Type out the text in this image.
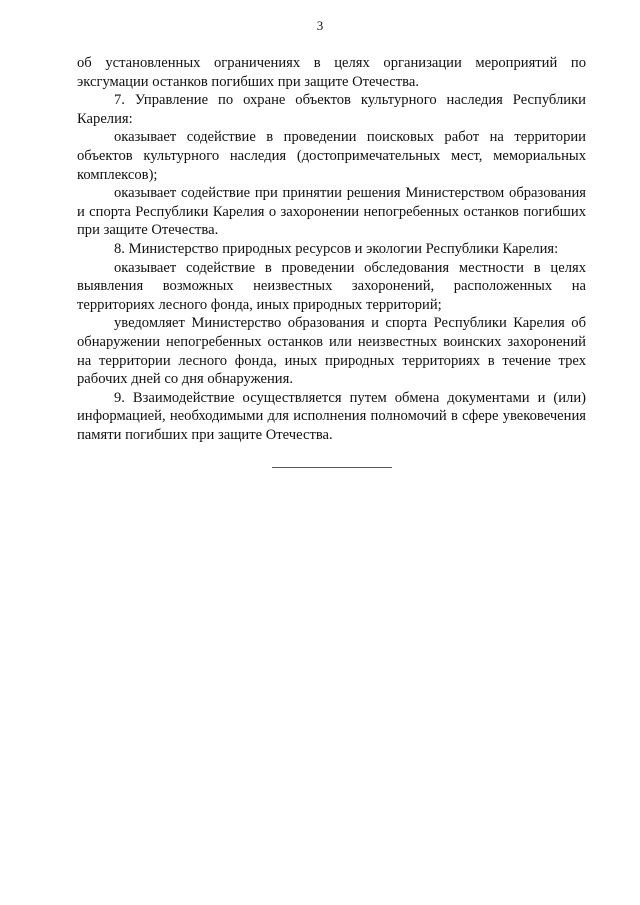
3

об установленных ограничениях в целях организации мероприятий по эксгумации останков погибших при защите Отечества.

7. Управление по охране объектов культурного наследия Республики Карелия:

оказывает содействие в проведении поисковых работ на территории объектов культурного наследия (достопримечательных мест, мемориальных комплексов);

оказывает содействие при принятии решения Министерством образования и спорта Республики Карелия о захоронении непогребенных останков погибших при защите Отечества.

8. Министерство природных ресурсов и экологии Республики Карелия:

оказывает содействие в проведении обследования местности в целях выявления возможных неизвестных захоронений, расположенных на территориях лесного фонда, иных природных территорий;

уведомляет Министерство образования и спорта Республики Карелия об обнаружении непогребенных останков или неизвестных воинских захоронений на территории лесного фонда, иных природных территориях в течение трех рабочих дней со дня обнаружения.

9. Взаимодействие осуществляется путем обмена документами и (или) информацией, необходимыми для исполнения полномочий в сфере увековечения памяти погибших при защите Отечества.
